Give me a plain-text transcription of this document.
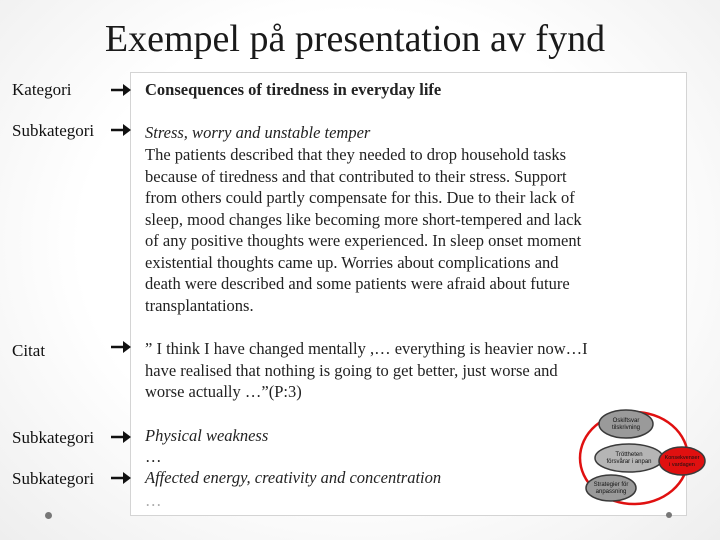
Exempel på presentation av fynd
Kategori	Consequences of tiredness in everyday life
Subkategori	Stress, worry and unstable temper
The patients described that they needed to drop household tasks
because of tiredness and that contributed to their stress. Support
from others could partly compensate for this. Due to their lack of
sleep, mood changes like becoming more short-tempered and lack
of any positive thoughts were experienced. In sleep onset moment
existential thoughts came up. Worries about complications and
death were described and some patients were afraid about future
transplantations.
Citat	” I think I have changed mentally ,… everything is heavier now…I
have realised that nothing is going to get better, just worse and
worse actually …”(P:3)
Subkategori	Physical weakness
…
Subkategori	Affected energy, creativity and concentration
…
Oskiftsvar
tilskrivning
Tröttheten
försvårar i anpan
Strategier för
anpassning
Konsekvenser
i vardagen
